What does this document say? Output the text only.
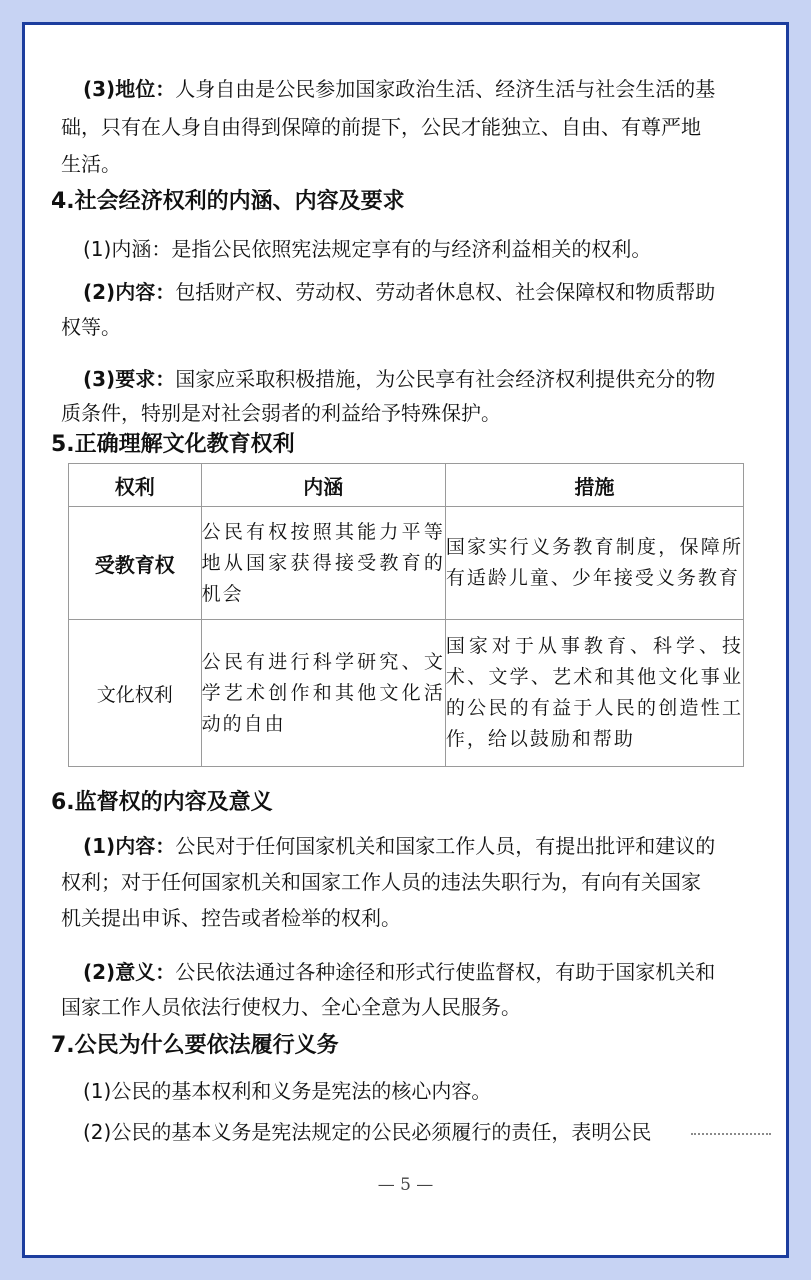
(3)地位：人身自由是公民参加国家政治生活、经济生活与社会生活的基
础，只有在人身自由得到保障的前提下，公民才能独立、自由、有尊严地
生活。
4.社会经济权利的内涵、内容及要求
(1)内涵：是指公民依照宪法规定享有的与经济利益相关的权利。
(2)内容：包括财产权、劳动权、劳动者休息权、社会保障权和物质帮助
权等。
(3)要求：国家应采取积极措施，为公民享有社会经济权利提供充分的物
质条件，特别是对社会弱者的利益给予特殊保护。
5.正确理解文化教育权利
权利	内涵	措施
受教育权	公民有权按照其能力平等地从国家获得接受教育的机会	国家实行义务教育制度，保障所有适龄儿童、少年接受义务教育
文化权利	公民有进行科学研究、文学艺术创作和其他文化活动的自由	国家对于从事教育、科学、技术、文学、艺术和其他文化事业的公民的有益于人民的创造性工作，给以鼓励和帮助
6.监督权的内容及意义
(1)内容：公民对于任何国家机关和国家工作人员，有提出批评和建议的
权利；对于任何国家机关和国家工作人员的违法失职行为，有向有关国家
机关提出申诉、控告或者检举的权利。
(2)意义：公民依法通过各种途径和形式行使监督权，有助于国家机关和
国家工作人员依法行使权力、全心全意为人民服务。
7.公民为什么要依法履行义务
(1)公民的基本权利和义务是宪法的核心内容。
(2)公民的基本义务是宪法规定的公民必须履行的责任，表明公民
— 5 —
